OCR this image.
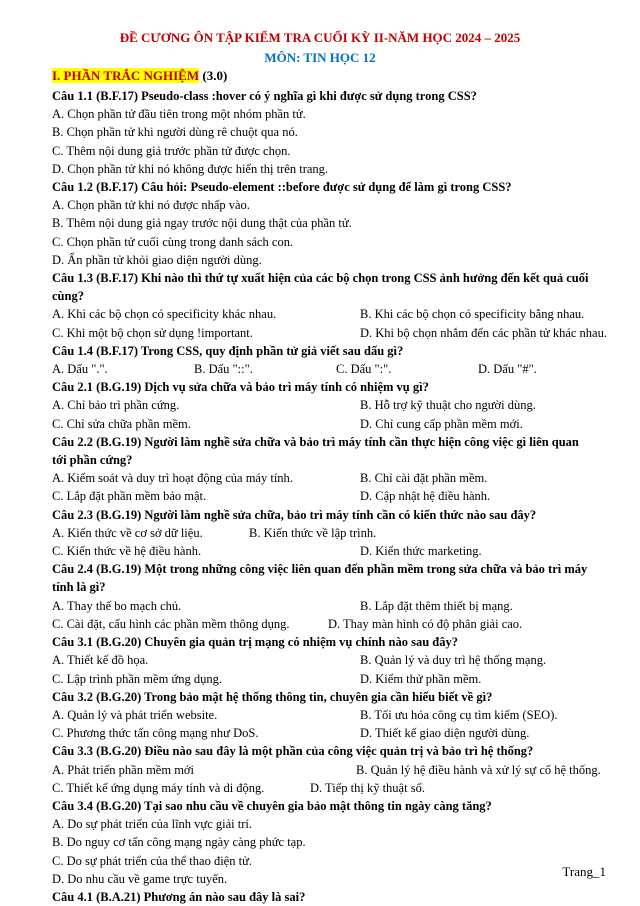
ĐỀ CƯƠNG ÔN TẬP KIỂM TRA CUỐI KỲ II-NĂM HỌC 2024 – 2025
MÔN: TIN HỌC 12
I. PHẦN TRẮC NGHIỆM (3.0)
Câu 1.1 (B.F.17) Pseudo-class :hover có ý nghĩa gì khi được sử dụng trong CSS?
A. Chọn phần tử đầu tiên trong một nhóm phần tử.
B. Chọn phần tử khi người dùng rê chuột qua nó.
C. Thêm nội dung giả trước phần tử được chọn.
D. Chọn phần tử khi nó không được hiển thị trên trang.
Câu 1.2 (B.F.17) Câu hỏi: Pseudo-element ::before được sử dụng để làm gì trong CSS?
A. Chọn phần tử khi nó được nhấp vào.
B. Thêm nội dung giả ngay trước nội dung thật của phần tử.
C. Chọn phần tử cuối cùng trong danh sách con.
D. Ẩn phần tử khỏi giao diện người dùng.
Câu 1.3 (B.F.17) Khi nào thì thứ tự xuất hiện của các bộ chọn trong CSS ảnh hưởng đến kết quả cuối
cùng?
A. Khi các bộ chọn có specificity khác nhau.	B. Khi các bộ chọn có specificity bằng nhau.
C. Khi một bộ chọn sử dụng !important.	D. Khi bộ chọn nhắm đến các phần tử khác nhau.
Câu 1.4 (B.F.17) Trong CSS, quy định phần tử giả viết sau dấu gì?
A. Dấu ".".	B. Dấu "::".	C. Dấu ":".	D. Dấu "#".
Câu 2.1 (B.G.19) Dịch vụ sửa chữa và bảo trì máy tính có nhiệm vụ gì?
A. Chỉ bảo trì phần cứng.	B. Hỗ trợ kỹ thuật cho người dùng.
C. Chỉ sửa chữa phần mềm.	D. Chỉ cung cấp phần mềm mới.
Câu 2.2 (B.G.19) Người làm nghề sửa chữa và bảo trì máy tính cần thực hiện công việc gì liên quan
tới phần cứng?
A. Kiểm soát và duy trì hoạt động của máy tính.	B. Chỉ cài đặt phần mềm.
C. Lắp đặt phần mềm bảo mật.	D. Cập nhật hệ điều hành.
Câu 2.3 (B.G.19) Người làm nghề sửa chữa, bảo trì máy tính cần có kiến thức nào sau đây?
A. Kiến thức về cơ sở dữ liệu.	B. Kiến thức về lập trình.
C. Kiến thức về hệ điều hành.	D. Kiến thức marketing.
Câu 2.4 (B.G.19) Một trong những công việc liên quan đến phần mềm trong sửa chữa và bảo trì máy
tính là gì?
A. Thay thế bo mạch chủ.	B. Lắp đặt thêm thiết bị mạng.
C. Cài đặt, cấu hình các phần mềm thông dụng.	D. Thay màn hình có độ phân giải cao.
Câu 3.1 (B.G.20) Chuyên gia quản trị mạng có nhiệm vụ chính nào sau đây?
A. Thiết kế đồ họa.	B. Quản lý và duy trì hệ thống mạng.
C. Lập trình phần mềm ứng dụng.	D. Kiểm thử phần mềm.
Câu 3.2 (B.G.20) Trong bảo mật hệ thống thông tin, chuyên gia cần hiểu biết về gì?
A. Quản lý và phát triển website.	B. Tối ưu hóa công cụ tìm kiếm (SEO).
C. Phương thức tấn công mạng như DoS.	D. Thiết kế giao diện người dùng.
Câu 3.3 (B.G.20) Điều nào sau đây là một phần của công việc quản trị và bảo trì hệ thống?
A. Phát triển phần mềm mới	B. Quản lý hệ điều hành và xử lý sự cố hệ thống.
C. Thiết kế ứng dụng máy tính và di động.	D. Tiếp thị kỹ thuật số.
Câu 3.4 (B.G.20) Tại sao nhu cầu về chuyên gia bảo mật thông tin ngày càng tăng?
A. Do sự phát triển của lĩnh vực giải trí.
B. Do nguy cơ tấn công mạng ngày càng phức tạp.
C. Do sự phát triển của thể thao điện tử.
D. Do nhu cầu về game trực tuyến.
Câu 4.1 (B.A.21) Phương án nào sau đây là sai?
Trang_1
